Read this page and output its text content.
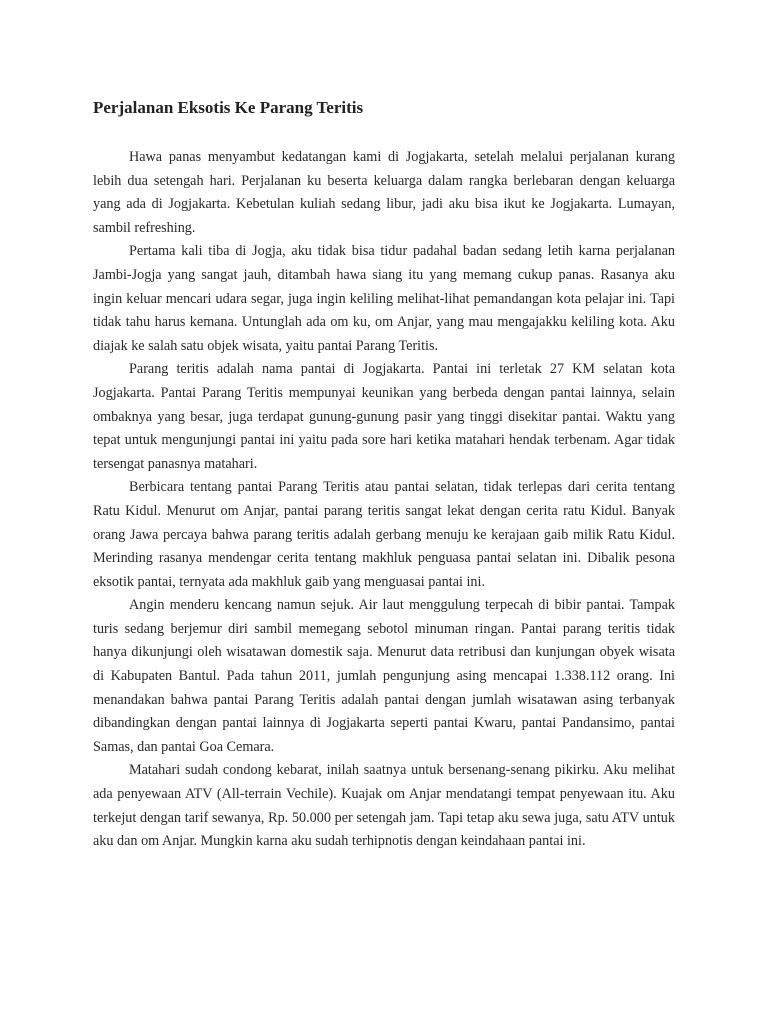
Perjalanan Eksotis Ke Parang Teritis

Hawa panas menyambut kedatangan kami di Jogjakarta, setelah melalui perjalanan kurang lebih dua setengah hari. Perjalanan ku beserta keluarga dalam rangka berlebaran dengan keluarga yang ada di Jogjakarta. Kebetulan kuliah sedang libur, jadi aku bisa ikut ke Jogjakarta. Lumayan, sambil refreshing.

Pertama kali tiba di Jogja, aku tidak bisa tidur padahal badan sedang letih karna perjalanan Jambi-Jogja yang sangat jauh, ditambah hawa siang itu yang memang cukup panas. Rasanya aku ingin keluar mencari udara segar, juga ingin keliling melihat-lihat pemandangan kota pelajar ini. Tapi tidak tahu harus kemana. Untunglah ada om ku, om Anjar, yang mau mengajakku keliling kota. Aku diajak ke salah satu objek wisata, yaitu pantai Parang Teritis.

Parang teritis adalah nama pantai di Jogjakarta. Pantai ini terletak 27 KM selatan kota Jogjakarta. Pantai Parang Teritis mempunyai keunikan yang berbeda dengan pantai lainnya, selain ombaknya yang besar, juga terdapat gunung-gunung pasir yang tinggi disekitar pantai. Waktu yang tepat untuk mengunjungi pantai ini yaitu pada sore hari ketika matahari hendak terbenam. Agar tidak tersengat panasnya matahari.

Berbicara tentang pantai Parang Teritis atau pantai selatan, tidak terlepas dari cerita tentang Ratu Kidul. Menurut om Anjar, pantai parang teritis sangat lekat dengan cerita ratu Kidul. Banyak orang Jawa percaya bahwa parang teritis adalah gerbang menuju ke kerajaan gaib milik Ratu Kidul. Merinding rasanya mendengar cerita tentang makhluk penguasa pantai selatan ini. Dibalik pesona eksotik pantai, ternyata ada makhluk gaib yang menguasai pantai ini.

Angin menderu kencang namun sejuk. Air laut menggulung terpecah di bibir pantai. Tampak turis sedang berjemur diri sambil memegang sebotol minuman ringan. Pantai parang teritis tidak hanya dikunjungi oleh wisatawan domestik saja. Menurut data retribusi dan kunjungan obyek wisata di Kabupaten Bantul. Pada tahun 2011, jumlah pengunjung asing mencapai 1.338.112 orang. Ini menandakan bahwa pantai Parang Teritis adalah pantai dengan jumlah wisatawan asing terbanyak dibandingkan dengan pantai lainnya di Jogjakarta seperti pantai Kwaru, pantai Pandansimo, pantai Samas, dan pantai Goa Cemara.

Matahari sudah condong kebarat, inilah saatnya untuk bersenang-senang pikirku. Aku melihat ada penyewaan ATV (All-terrain Vechile). Kuajak om Anjar mendatangi tempat penyewaan itu. Aku terkejut dengan tarif sewanya, Rp. 50.000 per setengah jam. Tapi tetap aku sewa juga, satu ATV untuk aku dan om Anjar. Mungkin karna aku sudah terhipnotis dengan keindahaan pantai ini.
